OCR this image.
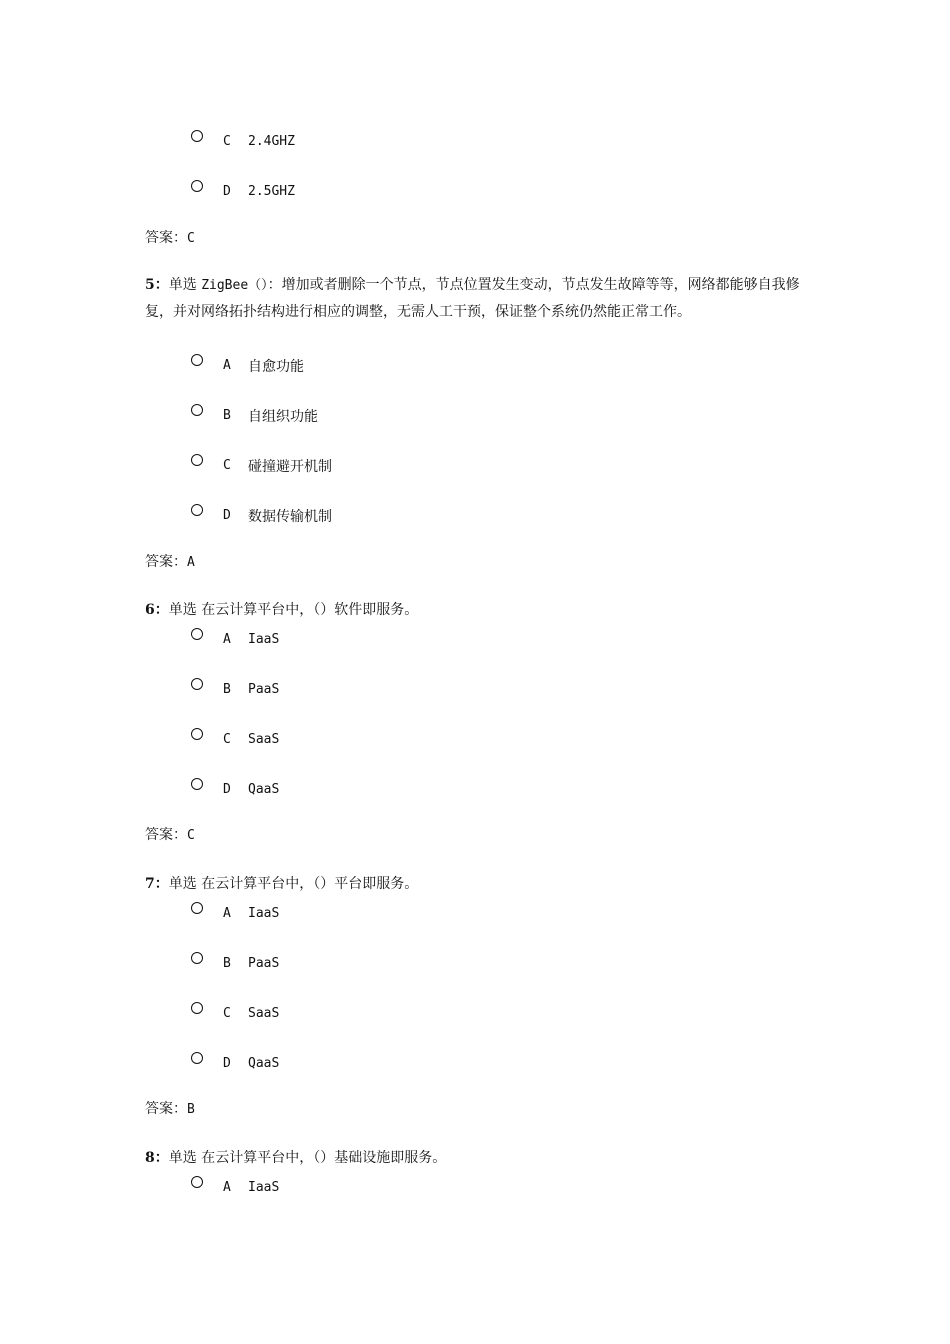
C 2.4GHZ
D 2.5GHZ
答案：C
5：单选 ZigBee（）：增加或者删除一个节点，节点位置发生变动，节点发生故障等等，网络都能够自我修复，并对网络拓扑结构进行相应的调整，无需人工干预，保证整个系统仍然能正常工作。
A 自愈功能
B 自组织功能
C 碰撞避开机制
D 数据传输机制
答案：A
6：单选 在云计算平台中，（）软件即服务。
A IaaS
B PaaS
C SaaS
D QaaS
答案：C
7：单选 在云计算平台中，（）平台即服务。
A IaaS
B PaaS
C SaaS
D QaaS
答案：B
8：单选 在云计算平台中，（）基础设施即服务。
A IaaS
